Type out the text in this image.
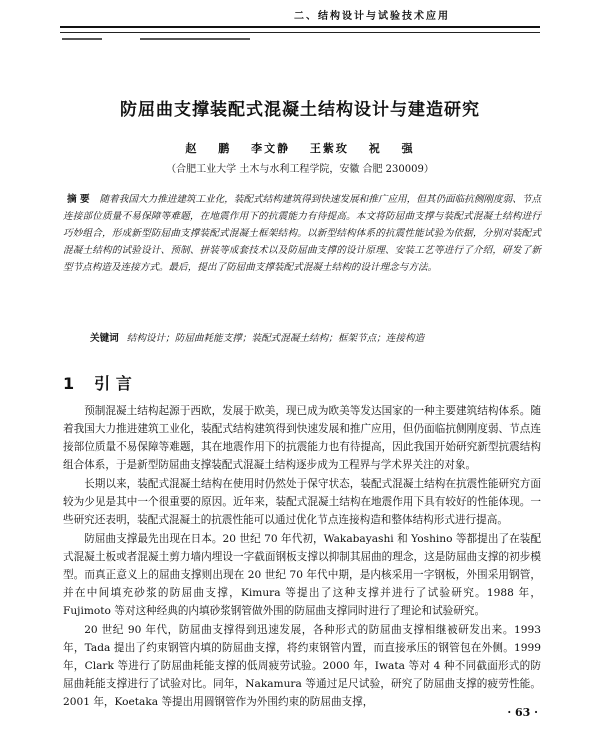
二、结构设计与试验技术应用
防屈曲支撑装配式混凝土结构设计与建造研究
赵 鹏 李文静 王紫玫 祝 强
（合肥工业大学 土木与水利工程学院，安徽 合肥 230009）
摘 要 随着我国大力推进建筑工业化，装配式结构建筑得到快速发展和推广应用，但其仍面临抗侧刚度弱、节点连接部位质量不易保障等难题，在地震作用下的抗震能力有待提高。本文将防屈曲支撑与装配式混凝土结构进行巧妙组合，形成新型防屈曲支撑装配式混凝土框架结构。以新型结构体系的抗震性能试验为依据，分别对装配式混凝土结构的试验设计、预制、拼装等成套技术以及防屈曲支撑的设计原理、安装工艺等进行了介绍，研发了新型节点构造及连接方式。最后，提出了防屈曲支撑装配式混凝土结构的设计理念与方法。
关键词 结构设计；防屈曲耗能支撑；装配式混凝土结构；框架节点；连接构造
1 引 言

预制混凝土结构起源于西欧，发展于欧美，现已成为欧美等发达国家的一种主要建筑结构体系。随着我国大力推进建筑工业化，装配式结构建筑得到快速发展和推广应用，但仍面临抗侧刚度弱、节点连接部位质量不易保障等难题，其在地震作用下的抗震能力也有待提高，因此我国开始研究新型抗震结构组合体系，于是新型防屈曲支撑装配式混凝土结构逐步成为工程界与学术界关注的对象。

长期以来，装配式混凝土结构在使用时仍然处于保守状态，装配式混凝土结构在抗震性能研究方面较为少见是其中一个很重要的原因。近年来，装配式混凝土结构在地震作用下具有较好的性能体现。一些研究还表明，装配式混凝土的抗震性能可以通过优化节点连接构造和整体结构形式进行提高。

防屈曲支撑最先出现在日本。20 世纪 70 年代初，Wakabayashi 和 Yoshino 等都提出了在装配式混凝土板或者混凝土剪力墙内埋设一字截面钢板支撑以抑制其屈曲的理念，这是防屈曲支撑的初步模型。而真正意义上的屈曲支撑则出现在 20 世纪 70 年代中期，是内核采用一字钢板，外围采用钢管，并在中间填充砂浆的防屈曲支撑，Kimura 等提出了这种支撑并进行了试验研究。1988 年，Fujimoto 等对这种经典的内填砂浆钢管做外围的防屈曲支撑同时进行了理论和试验研究。

20 世纪 90 年代，防屈曲支撑得到迅速发展，各种形式的防屈曲支撑相继被研发出来。1993 年，Tada 提出了约束钢管内填的防屈曲支撑，将约束钢管内置，而直接承压的钢管包在外侧。1999 年，Clark 等进行了防屈曲耗能支撑的低周疲劳试验。2000 年，Iwata 等对 4 种不同截面形式的防屈曲耗能支撑进行了试验对比。同年，Nakamura 等通过足尺试验，研究了防屈曲支撑的疲劳性能。2001 年，Koetaka 等提出用圆钢管作为外围约束的防屈曲支撑，

· 63 ·
